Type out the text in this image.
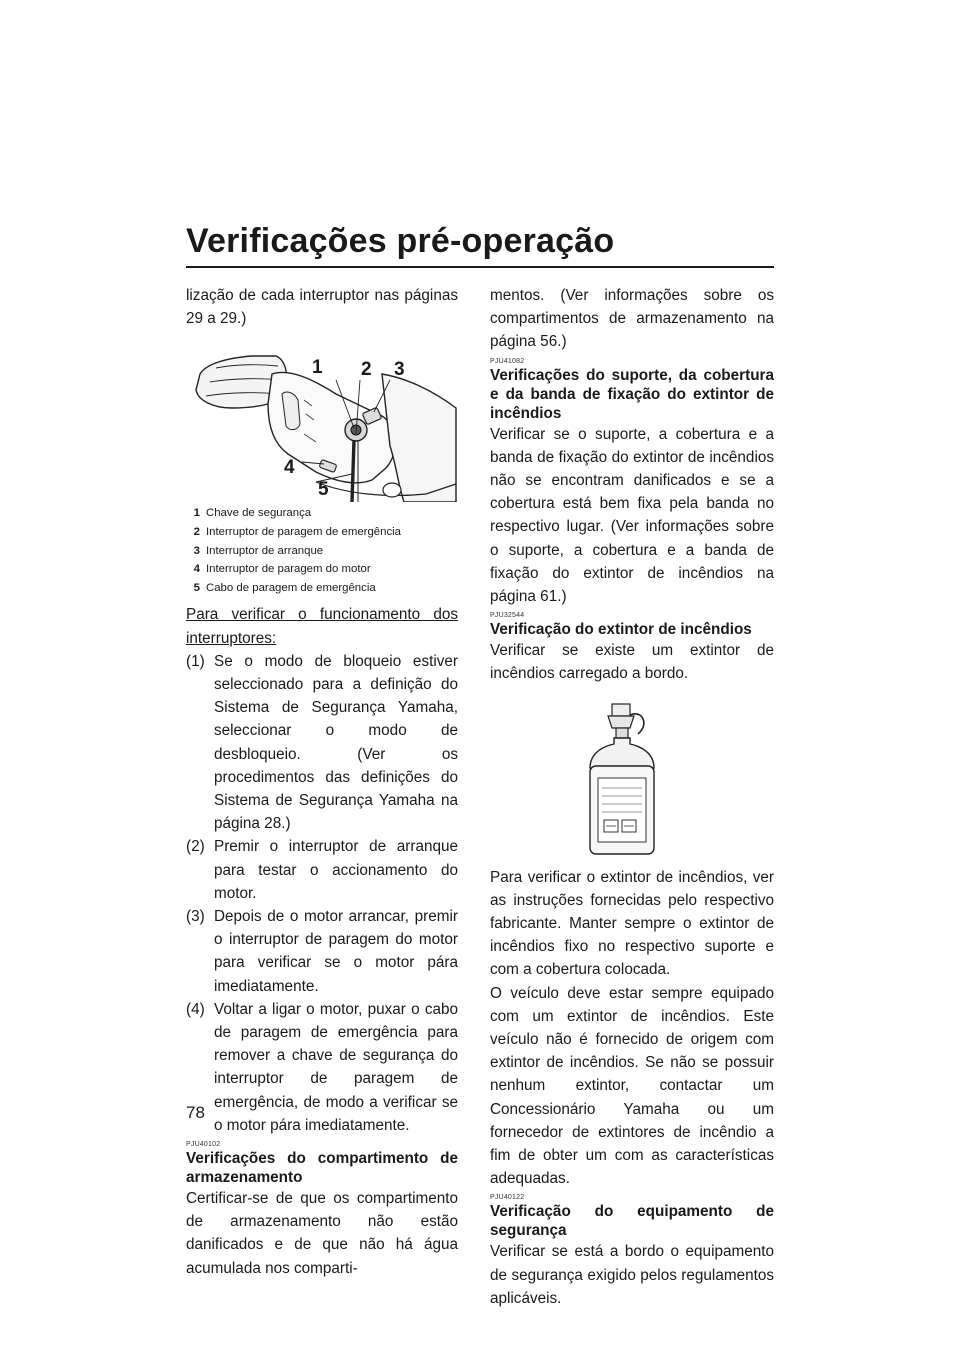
Verificações pré-operação

lização de cada interruptor nas páginas 29 a 29.)

1 2 3
4
5
1 Chave de segurança
2 Interruptor de paragem de emergência
3 Interruptor de arranque
4 Interruptor de paragem do motor
5 Cabo de paragem de emergência

Para verificar o funcionamento dos interruptores:

(1) Se o modo de bloqueio estiver seleccionado para a definição do Sistema de Segurança Yamaha, seleccionar o modo de desbloqueio. (Ver os procedimentos das definições do Sistema de Segurança Yamaha na página 28.)
(2) Premir o interruptor de arranque para testar o accionamento do motor.
(3) Depois de o motor arrancar, premir o interruptor de paragem do motor para verificar se o motor pára imediatamente.
(4) Voltar a ligar o motor, puxar o cabo de paragem de emergência para remover a chave de segurança do interruptor de paragem de emergência, de modo a verificar se o motor pára imediatamente.

PJU40102

Verificações do compartimento de armazenamento

Certificar-se de que os compartimento de armazenamento não estão danificados e de que não há água acumulada nos comparti-

mentos. (Ver informações sobre os compartimentos de armazenamento na página 56.)

PJU41082

Verificações do suporte, da cobertura e da banda de fixação do extintor de incêndios

Verificar se o suporte, a cobertura e a banda de fixação do extintor de incêndios não se encontram danificados e se a cobertura está bem fixa pela banda no respectivo lugar. (Ver informações sobre o suporte, a cobertura e a banda de fixação do extintor de incêndios na página 61.)

PJU32544

Verificação do extintor de incêndios

Verificar se existe um extintor de incêndios carregado a bordo.

Para verificar o extintor de incêndios, ver as instruções fornecidas pelo respectivo fabricante. Manter sempre o extintor de incêndios fixo no respectivo suporte e com a cobertura colocada.

O veículo deve estar sempre equipado com um extintor de incêndios. Este veículo não é fornecido de origem com extintor de incêndios. Se não se possuir nenhum extintor, contactar um Concessionário Yamaha ou um fornecedor de extintores de incêndio a fim de obter um com as características adequadas.

PJU40122

Verificação do equipamento de segurança

Verificar se está a bordo o equipamento de segurança exigido pelos regulamentos aplicáveis.

78
